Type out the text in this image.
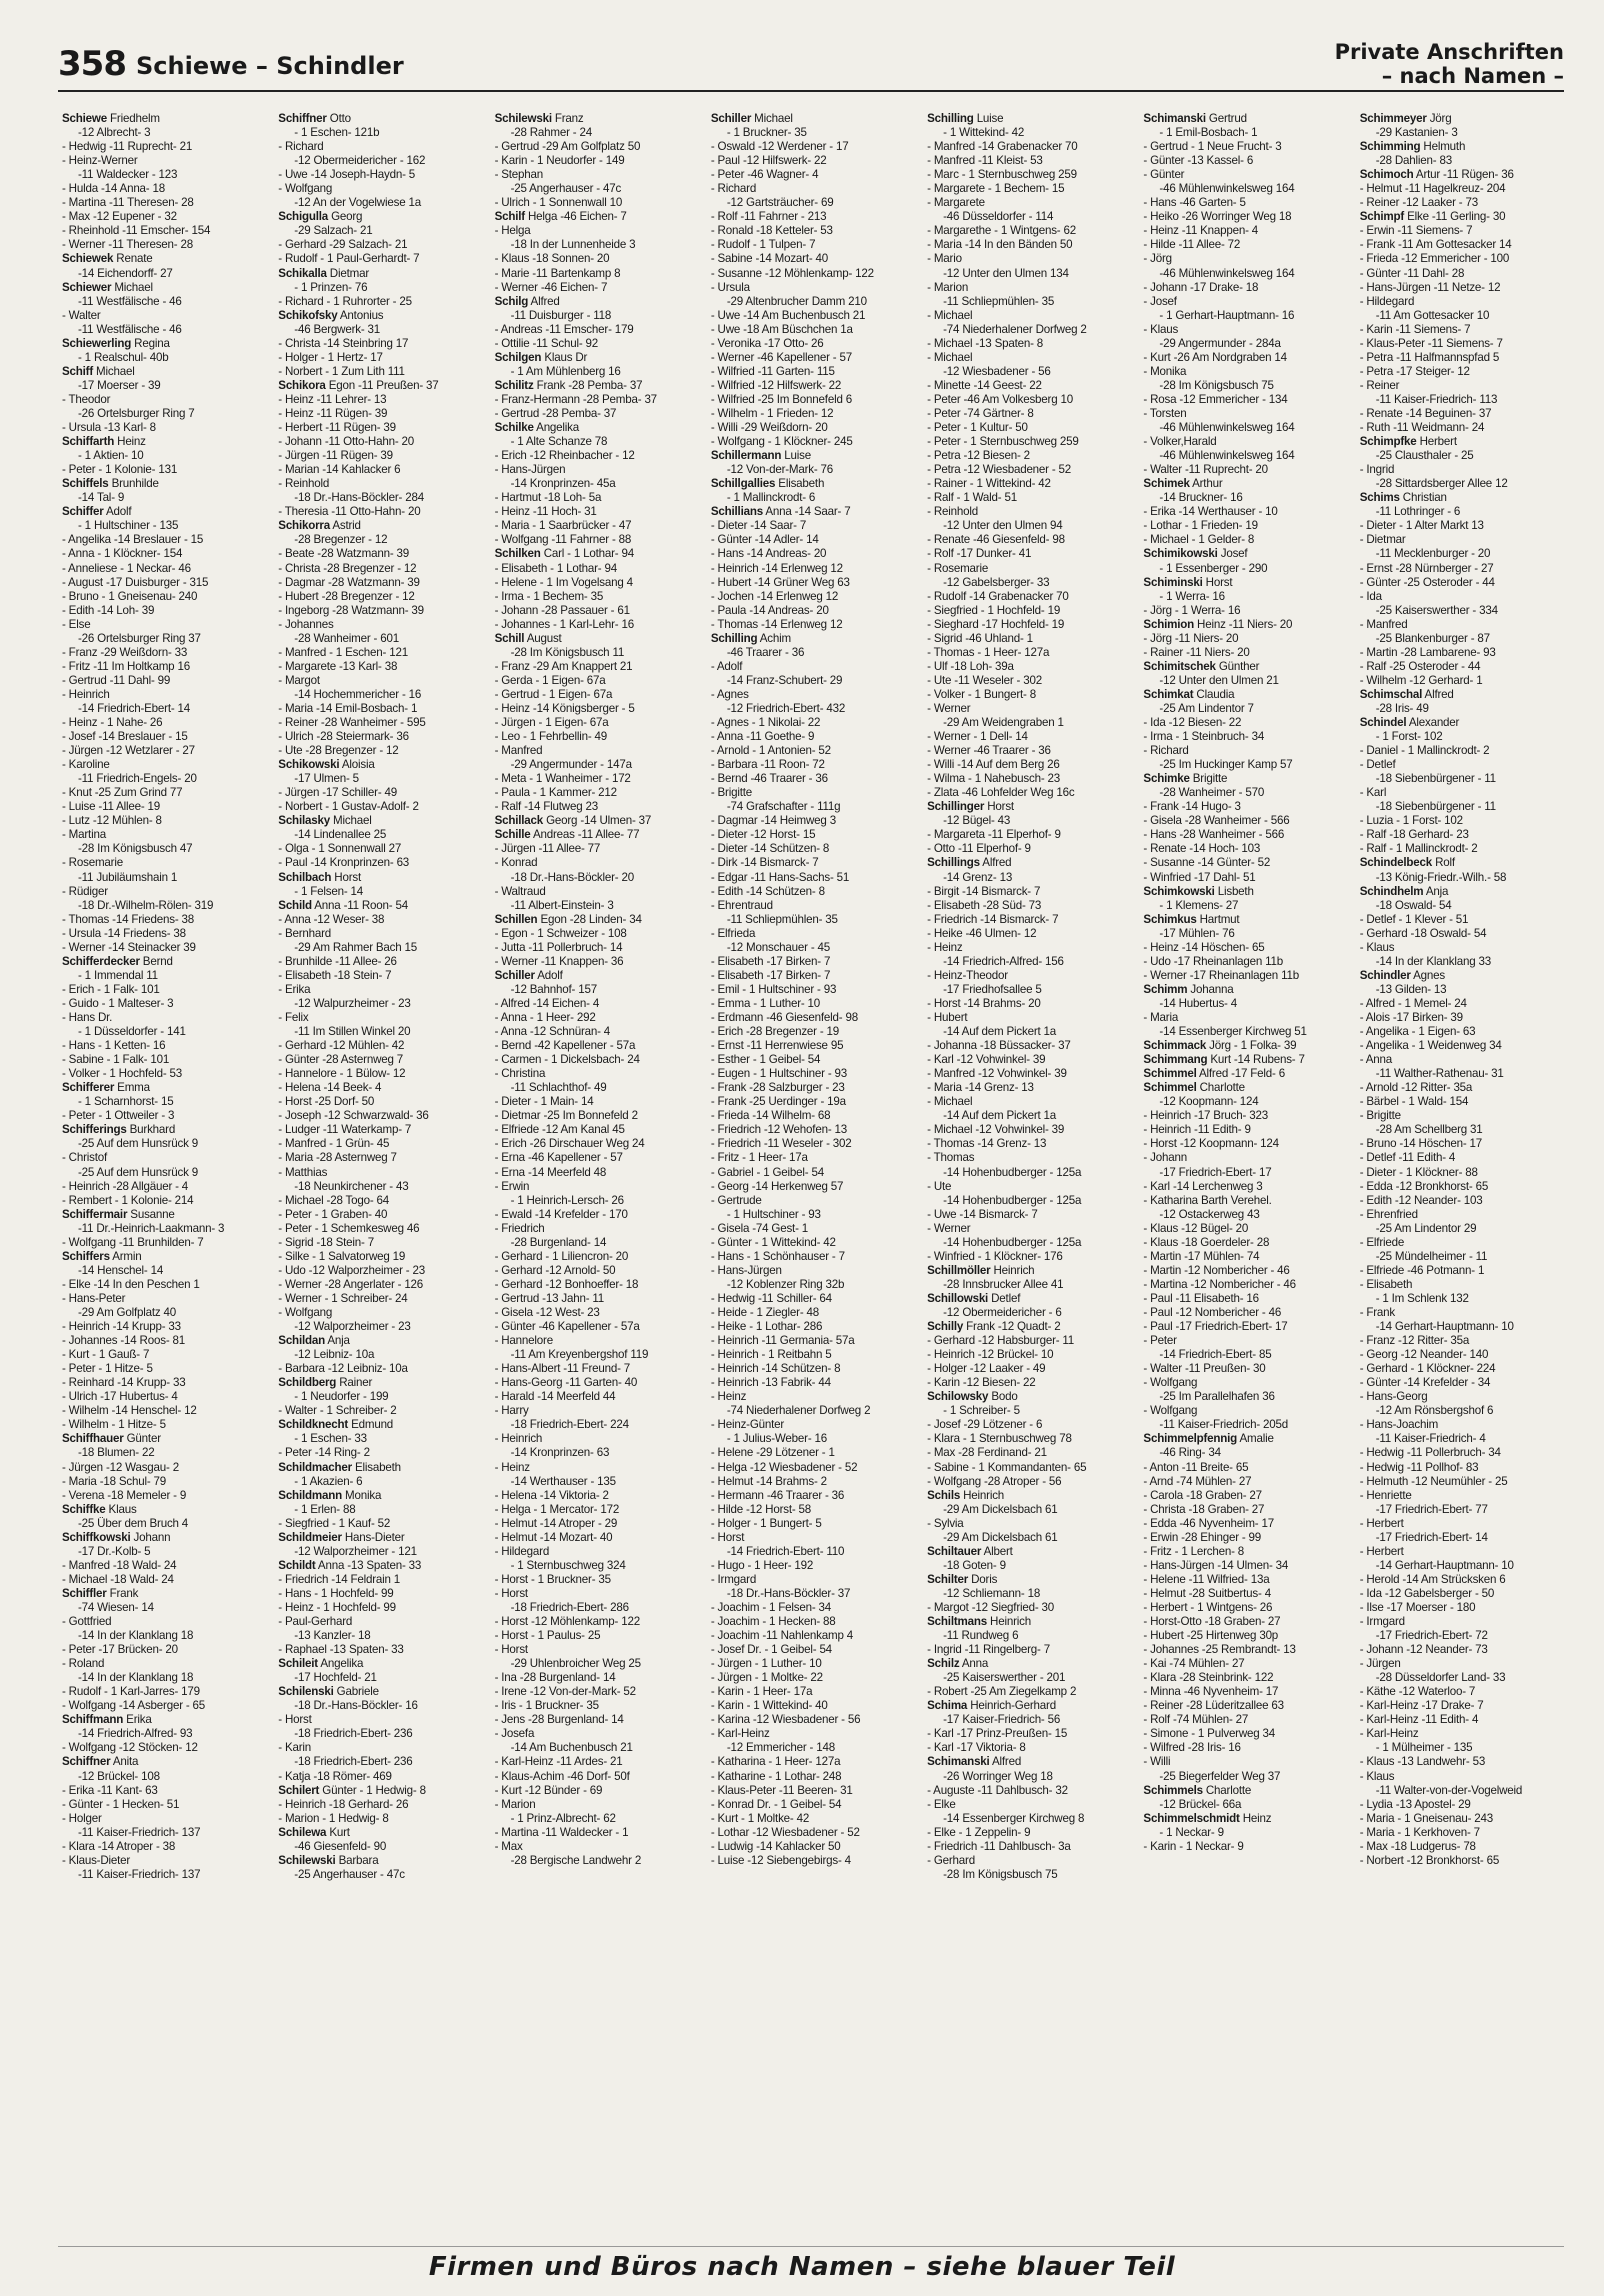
358 Schiewe – Schindler	Private Anschriften
– nach Namen –
Schiewe Friedhelm
-12 Albrecht- 3
- Hedwig -11 Ruprecht- 21
- Heinz-Werner
-11 Waldecker - 123
- Hulda -14 Anna- 18
- Martina -11 Theresen- 28
- Max -12 Eupener - 32
- Rheinhold -11 Emscher- 154
- Werner -11 Theresen- 28
Schiewek Renate
-14 Eichendorff- 27
Schiewer Michael
-11 Westfälische - 46
- Walter
-11 Westfälische - 46
Schiewerling Regina
- 1 Realschul- 40b
Schiff Michael
-17 Moerser - 39
- Theodor
-26 Ortelsburger Ring 7
- Ursula -13 Karl- 8
Schiffarth Heinz
- 1 Aktien- 10
- Peter - 1 Kolonie- 131
Schiffels Brunhilde
-14 Tal- 9
Schiffer Adolf
- 1 Hultschiner - 135
- Angelika -14 Breslauer - 15
- Anna - 1 Klöckner- 154
- Anneliese - 1 Neckar- 46
- August -17 Duisburger - 315
- Bruno - 1 Gneisenau- 240
- Edith -14 Loh- 39
- Else
-26 Ortelsburger Ring 37
- Franz -29 Weißdorn- 33
- Fritz -11 Im Holtkamp 16
- Gertrud -11 Dahl- 99
- Heinrich
-14 Friedrich-Ebert- 14
- Heinz - 1 Nahe- 26
- Josef -14 Breslauer - 15
- Jürgen -12 Wetzlarer - 27
- Karoline
-11 Friedrich-Engels- 20
- Knut -25 Zum Grind 77
- Luise -11 Allee- 19
- Lutz -12 Mühlen- 8
- Martina
-28 Im Königsbusch 47
- Rosemarie
-11 Jubiläumshain 1
- Rüdiger
-18 Dr.-Wilhelm-Rölen- 319
- Thomas -14 Friedens- 38
- Ursula -14 Friedens- 38
- Werner -14 Steinacker 39
Schifferdecker Bernd
- 1 Immendal 11
- Erich - 1 Falk- 101
- Guido - 1 Malteser- 3
- Hans Dr.
- 1 Düsseldorfer - 141
- Hans - 1 Ketten- 16
- Sabine - 1 Falk- 101
- Volker - 1 Hochfeld- 53
Schifferer Emma
- 1 Scharnhorst- 15
- Peter - 1 Ottweiler - 3
Schifferings Burkhard
-25 Auf dem Hunsrück 9
- Christof
-25 Auf dem Hunsrück 9
- Heinrich -28 Allgäuer - 4
- Rembert - 1 Kolonie- 214
Schiffermair Susanne
-11 Dr.-Heinrich-Laakmann- 3
- Wolfgang -11 Brunhilden- 7
Schiffers Armin
-14 Henschel- 14
- Elke -14 In den Peschen 1
- Hans-Peter
-29 Am Golfplatz 40
- Heinrich -14 Krupp- 33
- Johannes -14 Roos- 81
- Kurt - 1 Gauß- 7
- Peter - 1 Hitze- 5
- Reinhard -14 Krupp- 33
- Ulrich -17 Hubertus- 4
- Wilhelm -14 Henschel- 12
- Wilhelm - 1 Hitze- 5
Schiffhauer Günter
-18 Blumen- 22
- Jürgen -12 Wasgau- 2
- Maria -18 Schul- 79
- Verena -18 Memeler - 9
Schiffke Klaus
-25 Über dem Bruch 4
Schiffkowski Johann
-17 Dr.-Kolb- 5
- Manfred -18 Wald- 24
- Michael -18 Wald- 24
Schiffler Frank
-74 Wiesen- 14
- Gottfried
-14 In der Klanklang 18
- Peter -17 Brücken- 20
- Roland
-14 In der Klanklang 18
- Rudolf - 1 Karl-Jarres- 179
- Wolfgang -14 Asberger - 65
Schiffmann Erika
-14 Friedrich-Alfred- 93
- Wolfgang -12 Stöcken- 12
Schiffner Anita
-12 Brückel- 108
- Erika -11 Kant- 63
- Günter - 1 Hecken- 51
- Holger
-11 Kaiser-Friedrich- 137
- Klara -14 Atroper - 38
- Klaus-Dieter
-11 Kaiser-Friedrich- 137
Schiffner Otto
- 1 Eschen- 121b
- Richard
-12 Obermeidericher - 162
- Uwe -14 Joseph-Haydn- 5
- Wolfgang
-12 An der Vogelwiese 1a
Schigulla Georg
-29 Salzach- 21
- Gerhard -29 Salzach- 21
- Rudolf - 1 Paul-Gerhardt- 7
Schikalla Dietmar
- 1 Prinzen- 76
- Richard - 1 Ruhrorter - 25
Schikofsky Antonius
-46 Bergwerk- 31
- Christa -14 Steinbring 17
- Holger - 1 Hertz- 17
- Norbert - 1 Zum Lith 111
Schikora Egon -11 Preußen- 37
- Heinz -11 Lehrer- 13
- Heinz -11 Rügen- 39
- Herbert -11 Rügen- 39
- Johann -11 Otto-Hahn- 20
- Jürgen -11 Rügen- 39
- Marian -14 Kahlacker 6
- Reinhold
-18 Dr.-Hans-Böckler- 284
- Theresia -11 Otto-Hahn- 20
Schikorra Astrid
-28 Bregenzer - 12
- Beate -28 Watzmann- 39
- Christa -28 Bregenzer - 12
- Dagmar -28 Watzmann- 39
- Hubert -28 Bregenzer - 12
- Ingeborg -28 Watzmann- 39
- Johannes
-28 Wanheimer - 601
- Manfred - 1 Eschen- 121
- Margarete -13 Karl- 38
- Margot
-14 Hochemmericher - 16
- Maria -14 Emil-Bosbach- 1
- Reiner -28 Wanheimer - 595
- Ulrich -28 Steiermark- 36
- Ute -28 Bregenzer - 12
Schikowski Aloisia
-17 Ulmen- 5
- Jürgen -17 Schiller- 49
- Norbert - 1 Gustav-Adolf- 2
Schilasky Michael
-14 Lindenallee 25
- Olga - 1 Sonnenwall 27
- Paul -14 Kronprinzen- 63
Schilbach Horst
- 1 Felsen- 14
Schild Anna -11 Roon- 54
- Anna -12 Weser- 38
- Bernhard
-29 Am Rahmer Bach 15
- Brunhilde -11 Allee- 26
- Elisabeth -18 Stein- 7
- Erika
-12 Walpurzheimer - 23
- Felix
-11 Im Stillen Winkel 20
- Gerhard -12 Mühlen- 42
- Günter -28 Asternweg 7
- Hannelore - 1 Bülow- 12
- Helena -14 Beek- 4
- Horst -25 Dorf- 50
- Joseph -12 Schwarzwald- 36
- Ludger -11 Waterkamp- 7
- Manfred - 1 Grün- 45
- Maria -28 Asternweg 7
- Matthias
-18 Neunkirchener - 43
- Michael -28 Togo- 64
- Peter - 1 Graben- 40
- Peter - 1 Schemkesweg 46
- Sigrid -18 Stein- 7
- Silke - 1 Salvatorweg 19
- Udo -12 Walporzheimer - 23
- Werner -28 Angerlater - 126
- Werner - 1 Schreiber- 24
- Wolfgang
-12 Walporzheimer - 23
Schildan Anja
-12 Leibniz- 10a
- Barbara -12 Leibniz- 10a
Schildberg Rainer
- 1 Neudorfer - 199
- Walter - 1 Schreiber- 2
Schildknecht Edmund
- 1 Eschen- 33
- Peter -14 Ring- 2
Schildmacher Elisabeth
- 1 Akazien- 6
Schildmann Monika
- 1 Erlen- 88
- Siegfried - 1 Kauf- 52
Schildmeier Hans-Dieter
-12 Walporzheimer - 121
Schildt Anna -13 Spaten- 33
- Friedrich -14 Feldrain 1
- Hans - 1 Hochfeld- 99
- Heinz - 1 Hochfeld- 99
- Paul-Gerhard
-13 Kanzler- 18
- Raphael -13 Spaten- 33
Schileit Angelika
-17 Hochfeld- 21
Schilenski Gabriele
-18 Dr.-Hans-Böckler- 16
- Horst
-18 Friedrich-Ebert- 236
- Karin
-18 Friedrich-Ebert- 236
- Katja -18 Römer- 469
Schilert Günter - 1 Hedwig- 8
- Heinrich -18 Gerhard- 26
- Marion - 1 Hedwig- 8
Schilewa Kurt
-46 Giesenfeld- 90
Schilewski Barbara
-25 Angerhauser - 47c
Schilewski Franz
-28 Rahmer - 24
- Gertrud -29 Am Golfplatz 50
- Karin - 1 Neudorfer - 149
- Stephan
-25 Angerhauser - 47c
- Ulrich - 1 Sonnenwall 10
Schilf Helga -46 Eichen- 7
- Helga
-18 In der Lunnenheide 3
- Klaus -18 Sonnen- 20
- Marie -11 Bartenkamp 8
- Werner -46 Eichen- 7
Schilg Alfred
-11 Duisburger - 118
- Andreas -11 Emscher- 179
- Ottilie -11 Schul- 92
Schilgen Klaus Dr
- 1 Am Mühlenberg 16
Schilitz Frank -28 Pemba- 37
- Franz-Hermann -28 Pemba- 37
- Gertrud -28 Pemba- 37
Schilke Angelika
- 1 Alte Schanze 78
- Erich -12 Rheinbacher - 12
- Hans-Jürgen
-14 Kronprinzen- 45a
- Hartmut -18 Loh- 5a
- Heinz -11 Hoch- 31
- Maria - 1 Saarbrücker - 47
- Wolfgang -11 Fahrner - 88
Schilken Carl - 1 Lothar- 94
- Elisabeth - 1 Lothar- 94
- Helene - 1 Im Vogelsang 4
- Irma - 1 Bechem- 35
- Johann -28 Passauer - 61
- Johannes - 1 Karl-Lehr- 16
Schill August
-28 Im Königsbusch 11
- Franz -29 Am Knappert 21
- Gerda - 1 Eigen- 67a
- Gertrud - 1 Eigen- 67a
- Heinz -14 Königsberger - 5
- Jürgen - 1 Eigen- 67a
- Leo - 1 Fehrbellin- 49
- Manfred
-29 Angermunder - 147a
- Meta - 1 Wanheimer - 172
- Paula - 1 Kammer- 212
- Ralf -14 Flutweg 23
Schillack Georg -14 Ulmen- 37
Schille Andreas -11 Allee- 77
- Jürgen -11 Allee- 77
- Konrad
-18 Dr.-Hans-Böckler- 20
- Waltraud
-11 Albert-Einstein- 3
Schillen Egon -28 Linden- 34
- Egon - 1 Schweizer - 108
- Jutta -11 Pollerbruch- 14
- Werner -11 Knappen- 36
Schiller Adolf
-12 Bahnhof- 157
- Alfred -14 Eichen- 4
- Anna - 1 Heer- 292
- Anna -12 Schnüran- 4
- Bernd -42 Kapellener - 57a
- Carmen - 1 Dickelsbach- 24
- Christina
-11 Schlachthof- 49
- Dieter - 1 Main- 14
- Dietmar -25 Im Bonnefeld 2
- Elfriede -12 Am Kanal 45
- Erich -26 Dirschauer Weg 24
- Erna -46 Kapellener - 57
- Erna -14 Meerfeld 48
- Erwin
- 1 Heinrich-Lersch- 26
- Ewald -14 Krefelder - 170
- Friedrich
-28 Burgenland- 14
- Gerhard - 1 Liliencron- 20
- Gerhard -12 Arnold- 50
- Gerhard -12 Bonhoeffer- 18
- Gertrud -13 Jahn- 11
- Gisela -12 West- 23
- Günter -46 Kapellener - 57a
- Hannelore
-11 Am Kreyenbergshof 119
- Hans-Albert -11 Freund- 7
- Hans-Georg -11 Garten- 40
- Harald -14 Meerfeld 44
- Harry
-18 Friedrich-Ebert- 224
- Heinrich
-14 Kronprinzen- 63
- Heinz
-14 Werthauser - 135
- Helena -14 Viktoria- 2
- Helga - 1 Mercator- 172
- Helmut -14 Atroper - 29
- Helmut -14 Mozart- 40
- Hildegard
- 1 Sternbuschweg 324
- Horst - 1 Bruckner- 35
- Horst
-18 Friedrich-Ebert- 286
- Horst -12 Möhlenkamp- 122
- Horst - 1 Paulus- 25
- Horst
-29 Uhlenbroicher Weg 25
- Ina -28 Burgenland- 14
- Irene -12 Von-der-Mark- 52
- Iris - 1 Bruckner- 35
- Jens -28 Burgenland- 14
- Josefa
-14 Am Buchenbusch 21
- Karl-Heinz -11 Ardes- 21
- Klaus-Achim -46 Dorf- 50f
- Kurt -12 Bünder - 69
- Marion
- 1 Prinz-Albrecht- 62
- Martina -11 Waldecker - 1
- Max
-28 Bergische Landwehr 2
Schiller Michael
- 1 Bruckner- 35
- Oswald -12 Werdener - 17
- Paul -12 Hilfswerk- 22
- Peter -46 Wagner- 4
- Richard
-12 Gartsträucher- 69
- Rolf -11 Fahrner - 213
- Ronald -18 Ketteler- 53
- Rudolf - 1 Tulpen- 7
- Sabine -14 Mozart- 40
- Susanne -12 Möhlenkamp- 122
- Ursula
-29 Altenbrucher Damm 210
- Uwe -14 Am Buchenbusch 21
- Uwe -18 Am Büschchen 1a
- Veronika -17 Otto- 26
- Werner -46 Kapellener - 57
- Wilfried -11 Garten- 115
- Wilfried -12 Hilfswerk- 22
- Wilfried -25 Im Bonnefeld 6
- Wilhelm - 1 Frieden- 12
- Willi -29 Weißdorn- 20
- Wolfgang - 1 Klöckner- 245
Schillermann Luise
-12 Von-der-Mark- 76
Schillgallies Elisabeth
- 1 Mallinckrodt- 6
Schillians Anna -14 Saar- 7
- Dieter -14 Saar- 7
- Günter -14 Adler- 14
- Hans -14 Andreas- 20
- Heinrich -14 Erlenweg 12
- Hubert -14 Grüner Weg 63
- Jochen -14 Erlenweg 12
- Paula -14 Andreas- 20
- Thomas -14 Erlenweg 12
Schilling Achim
-46 Traarer - 36
- Adolf
-14 Franz-Schubert- 29
- Agnes
-12 Friedrich-Ebert- 432
- Agnes - 1 Nikolai- 22
- Anna -11 Goethe- 9
- Arnold - 1 Antonien- 52
- Barbara -11 Roon- 72
- Bernd -46 Traarer - 36
- Brigitte
-74 Grafschafter - 111g
- Dagmar -14 Heimweg 3
- Dieter -12 Horst- 15
- Dieter -14 Schützen- 8
- Dirk -14 Bismarck- 7
- Edgar -11 Hans-Sachs- 51
- Edith -14 Schützen- 8
- Ehrentraud
-11 Schliepmühlen- 35
- Elfrieda
-12 Monschauer - 45
- Elisabeth -17 Birken- 7
- Elisabeth -17 Birken- 7
- Emil - 1 Hultschiner - 93
- Emma - 1 Luther- 10
- Erdmann -46 Giesenfeld- 98
- Erich -28 Bregenzer - 19
- Ernst -11 Herrenwiese 95
- Esther - 1 Geibel- 54
- Eugen - 1 Hultschiner - 93
- Frank -28 Salzburger - 23
- Frank -25 Uerdinger - 19a
- Frieda -14 Wilhelm- 68
- Friedrich -12 Wehofen- 13
- Friedrich -11 Weseler - 302
- Fritz - 1 Heer- 17a
- Gabriel - 1 Geibel- 54
- Georg -14 Herkenweg 57
- Gertrude
- 1 Hultschiner - 93
- Gisela -74 Gest- 1
- Günter - 1 Wittekind- 42
- Hans - 1 Schönhauser - 7
- Hans-Jürgen
-12 Koblenzer Ring 32b
- Hedwig -11 Schiller- 64
- Heide - 1 Ziegler- 48
- Heike - 1 Lothar- 286
- Heinrich -11 Germania- 57a
- Heinrich - 1 Reitbahn 5
- Heinrich -14 Schützen- 8
- Heinrich -13 Fabrik- 44
- Heinz
-74 Niederhalener Dorfweg 2
- Heinz-Günter
- 1 Julius-Weber- 16
- Helene -29 Lötzener - 1
- Helga -12 Wiesbadener - 52
- Helmut -14 Brahms- 2
- Hermann -46 Traarer - 36
- Hilde -12 Horst- 58
- Holger - 1 Bungert- 5
- Horst
-14 Friedrich-Ebert- 110
- Hugo - 1 Heer- 192
- Irmgard
-18 Dr.-Hans-Böckler- 37
- Joachim - 1 Felsen- 34
- Joachim - 1 Hecken- 88
- Joachim -11 Nahlenkamp 4
- Josef Dr. - 1 Geibel- 54
- Jürgen - 1 Luther- 10
- Jürgen - 1 Moltke- 22
- Karin - 1 Heer- 17a
- Karin - 1 Wittekind- 40
- Karina -12 Wiesbadener - 56
- Karl-Heinz
-12 Emmericher - 148
- Katharina - 1 Heer- 127a
- Katharine - 1 Lothar- 248
- Klaus-Peter -11 Beeren- 31
- Konrad Dr. - 1 Geibel- 54
- Kurt - 1 Moltke- 42
- Lothar -12 Wiesbadener - 52
- Ludwig -14 Kahlacker 50
- Luise -12 Siebengebirgs- 4
Schilling Luise
- 1 Wittekind- 42
- Manfred -14 Grabenacker 70
- Manfred -11 Kleist- 53
- Marc - 1 Sternbuschweg 259
- Margarete - 1 Bechem- 15
- Margarete
-46 Düsseldorfer - 114
- Margarethe - 1 Wintgens- 62
- Maria -14 In den Bänden 50
- Mario
-12 Unter den Ulmen 134
- Marion
-11 Schliepmühlen- 35
- Michael
-74 Niederhalener Dorfweg 2
- Michael -13 Spaten- 8
- Michael
-12 Wiesbadener - 56
- Minette -14 Geest- 22
- Peter -46 Am Volkesberg 10
- Peter -74 Gärtner- 8
- Peter - 1 Kultur- 50
- Peter - 1 Sternbuschweg 259
- Petra -12 Biesen- 2
- Petra -12 Wiesbadener - 52
- Rainer - 1 Wittekind- 42
- Ralf - 1 Wald- 51
- Reinhold
-12 Unter den Ulmen 94
- Renate -46 Giesenfeld- 98
- Rolf -17 Dunker- 41
- Rosemarie
-12 Gabelsberger- 33
- Rudolf -14 Grabenacker 70
- Siegfried - 1 Hochfeld- 19
- Sieghard -17 Hochfeld- 19
- Sigrid -46 Uhland- 1
- Thomas - 1 Heer- 127a
- Ulf -18 Loh- 39a
- Ute -11 Weseler - 302
- Volker - 1 Bungert- 8
- Werner
-29 Am Weidengraben 1
- Werner - 1 Dell- 14
- Werner -46 Traarer - 36
- Willi -14 Auf dem Berg 26
- Wilma - 1 Nahebusch- 23
- Zlata -46 Lohfelder Weg 16c
Schillinger Horst
-12 Bügel- 43
- Margareta -11 Elperhof- 9
- Otto -11 Elperhof- 9
Schillings Alfred
-14 Grenz- 13
- Birgit -14 Bismarck- 7
- Elisabeth -28 Süd- 73
- Friedrich -14 Bismarck- 7
- Heike -46 Ulmen- 12
- Heinz
-14 Friedrich-Alfred- 156
- Heinz-Theodor
-17 Friedhofsallee 5
- Horst -14 Brahms- 20
- Hubert
-14 Auf dem Pickert 1a
- Johanna -18 Büssacker- 37
- Karl -12 Vohwinkel- 39
- Manfred -12 Vohwinkel- 39
- Maria -14 Grenz- 13
- Michael
-14 Auf dem Pickert 1a
- Michael -12 Vohwinkel- 39
- Thomas -14 Grenz- 13
- Thomas
-14 Hohenbudberger - 125a
- Ute
-14 Hohenbudberger - 125a
- Uwe -14 Bismarck- 7
- Werner
-14 Hohenbudberger - 125a
- Winfried - 1 Klöckner- 176
Schillmöller Heinrich
-28 Innsbrucker Allee 41
Schillowski Detlef
-12 Obermeidericher - 6
Schilly Frank -12 Quadt- 2
- Gerhard -12 Habsburger- 11
- Heinrich -12 Brückel- 10
- Holger -12 Laaker - 49
- Karin -12 Biesen- 22
Schilowsky Bodo
- 1 Schreiber- 5
- Josef -29 Lötzener - 6
- Klara - 1 Sternbuschweg 78
- Max -28 Ferdinand- 21
- Sabine - 1 Kommandanten- 65
- Wolfgang -28 Atroper - 56
Schils Heinrich
-29 Am Dickelsbach 61
- Sylvia
-29 Am Dickelsbach 61
Schiltauer Albert
-18 Goten- 9
Schilter Doris
-12 Schliemann- 18
- Margot -12 Siegfried- 30
Schiltmans Heinrich
-11 Rundweg 6
- Ingrid -11 Ringelberg- 7
Schilz Anna
-25 Kaiserswerther - 201
- Robert -25 Am Ziegelkamp 2
Schima Heinrich-Gerhard
-17 Kaiser-Friedrich- 56
- Karl -17 Prinz-Preußen- 15
- Karl -17 Viktoria- 8
Schimanski Alfred
-26 Worringer Weg 18
- Auguste -11 Dahlbusch- 32
- Elke
-14 Essenberger Kirchweg 8
- Elke - 1 Zeppelin- 9
- Friedrich -11 Dahlbusch- 3a
- Gerhard
-28 Im Königsbusch 75
Schimanski Gertrud
- 1 Emil-Bosbach- 1
- Gertrud - 1 Neue Frucht- 3
- Günter -13 Kassel- 6
- Günter
-46 Mühlenwinkelsweg 164
- Hans -46 Garten- 5
- Heiko -26 Worringer Weg 18
- Heinz -11 Knappen- 4
- Hilde -11 Allee- 72
- Jörg
-46 Mühlenwinkelsweg 164
- Johann -17 Drake- 18
- Josef
- 1 Gerhart-Hauptmann- 16
- Klaus
-29 Angermunder - 284a
- Kurt -26 Am Nordgraben 14
- Monika
-28 Im Königsbusch 75
- Rosa -12 Emmericher - 134
- Torsten
-46 Mühlenwinkelsweg 164
- Volker,Harald
-46 Mühlenwinkelsweg 164
- Walter -11 Ruprecht- 20
Schimek Arthur
-14 Bruckner- 16
- Erika -14 Werthauser - 10
- Lothar - 1 Frieden- 19
- Michael - 1 Gelder- 8
Schimikowski Josef
- 1 Essenberger - 290
Schiminski Horst
- 1 Werra- 16
- Jörg - 1 Werra- 16
Schimion Heinz -11 Niers- 20
- Jörg -11 Niers- 20
- Rainer -11 Niers- 20
Schimitschek Günther
-12 Unter den Ulmen 21
Schimkat Claudia
-25 Am Lindentor 7
- Ida -12 Biesen- 22
- Irma - 1 Steinbruch- 34
- Richard
-25 Im Huckinger Kamp 57
Schimke Brigitte
-28 Wanheimer - 570
- Frank -14 Hugo- 3
- Gisela -28 Wanheimer - 566
- Hans -28 Wanheimer - 566
- Renate -14 Hoch- 103
- Susanne -14 Günter- 52
- Winfried -17 Dahl- 51
Schimkowski Lisbeth
- 1 Klemens- 27
Schimkus Hartmut
-17 Mühlen- 76
- Heinz -14 Höschen- 65
- Udo -17 Rheinanlagen 11b
- Werner -17 Rheinanlagen 11b
Schimm Johanna
-14 Hubertus- 4
- Maria
-14 Essenberger Kirchweg 51
Schimmack Jörg - 1 Folka- 39
Schimmang Kurt -14 Rubens- 7
Schimmel Alfred -17 Feld- 6
Schimmel Charlotte
-12 Koopmann- 124
- Heinrich -17 Bruch- 323
- Heinrich -11 Edith- 9
- Horst -12 Koopmann- 124
- Johann
-17 Friedrich-Ebert- 17
- Karl -14 Lerchenweg 3
- Katharina Barth Verehel.
-12 Ostackerweg 43
- Klaus -12 Bügel- 20
- Klaus -18 Goerdeler- 28
- Martin -17 Mühlen- 74
- Martin -12 Nombericher - 46
- Martina -12 Nombericher - 46
- Paul -11 Elisabeth- 16
- Paul -12 Nombericher - 46
- Paul -17 Friedrich-Ebert- 17
- Peter
-14 Friedrich-Ebert- 85
- Walter -11 Preußen- 30
- Wolfgang
-25 Im Parallelhafen 36
- Wolfgang
-11 Kaiser-Friedrich- 205d
Schimmelpfennig Amalie
-46 Ring- 34
- Anton -11 Breite- 65
- Arnd -74 Mühlen- 27
- Carola -18 Graben- 27
- Christa -18 Graben- 27
- Edda -46 Nyvenheim- 17
- Erwin -28 Ehinger - 99
- Fritz - 1 Lerchen- 8
- Hans-Jürgen -14 Ulmen- 34
- Helene -11 Wilfried- 13a
- Helmut -28 Suitbertus- 4
- Herbert - 1 Wintgens- 26
- Horst-Otto -18 Graben- 27
- Hubert -25 Hirtenweg 30p
- Johannes -25 Rembrandt- 13
- Kai -74 Mühlen- 27
- Klara -28 Steinbrink- 122
- Minna -46 Nyvenheim- 17
- Reiner -28 Lüderitzallee 63
- Rolf -74 Mühlen- 27
- Simone - 1 Pulverweg 34
- Wilfred -28 Iris- 16
- Willi
-25 Biegerfelder Weg 37
Schimmels Charlotte
-12 Brückel- 66a
Schimmelschmidt Heinz
- 1 Neckar- 9
- Karin - 1 Neckar- 9
Schimmeyer Jörg
-29 Kastanien- 3
Schimming Helmuth
-28 Dahlien- 83
Schimoch Artur -11 Rügen- 36
- Helmut -11 Hagelkreuz- 204
- Reiner -12 Laaker - 73
Schimpf Elke -11 Gerling- 30
- Erwin -11 Siemens- 7
- Frank -11 Am Gottesacker 14
- Frieda -12 Emmericher - 100
- Günter -11 Dahl- 28
- Hans-Jürgen -11 Netze- 12
- Hildegard
-11 Am Gottesacker 10
- Karin -11 Siemens- 7
- Klaus-Peter -11 Siemens- 7
- Petra -11 Halfmannspfad 5
- Petra -17 Steiger- 12
- Reiner
-11 Kaiser-Friedrich- 113
- Renate -14 Beguinen- 37
- Ruth -11 Weidmann- 24
Schimpfke Herbert
-25 Clausthaler - 25
- Ingrid
-28 Sittardsberger Allee 12
Schims Christian
-11 Lothringer - 6
- Dieter - 1 Alter Markt 13
- Dietmar
-11 Mecklenburger - 20
- Ernst -28 Nürnberger - 27
- Günter -25 Osteroder - 44
- Ida
-25 Kaiserswerther - 334
- Manfred
-25 Blankenburger - 87
- Martin -28 Lambarene- 93
- Ralf -25 Osteroder - 44
- Wilhelm -12 Gerhard- 1
Schimschal Alfred
-28 Iris- 49
Schindel Alexander
- 1 Forst- 102
- Daniel - 1 Mallinckrodt- 2
- Detlef
-18 Siebenbürgener - 11
- Karl
-18 Siebenbürgener - 11
- Luzia - 1 Forst- 102
- Ralf -18 Gerhard- 23
- Ralf - 1 Mallinckrodt- 2
Schindelbeck Rolf
-13 König-Friedr.-Wilh.- 58
Schindhelm Anja
-18 Oswald- 54
- Detlef - 1 Klever - 51
- Gerhard -18 Oswald- 54
- Klaus
-14 In der Klanklang 33
Schindler Agnes
-13 Gilden- 13
- Alfred - 1 Memel- 24
- Alois -17 Birken- 39
- Angelika - 1 Eigen- 63
- Angelika - 1 Weidenweg 34
- Anna
-11 Walther-Rathenau- 31
- Arnold -12 Ritter- 35a
- Bärbel - 1 Wald- 154
- Brigitte
-28 Am Schellberg 31
- Bruno -14 Höschen- 17
- Detlef -11 Edith- 4
- Dieter - 1 Klöckner- 88
- Edda -12 Bronkhorst- 65
- Edith -12 Neander- 103
- Ehrenfried
-25 Am Lindentor 29
- Elfriede
-25 Mündelheimer - 11
- Elfriede -46 Potmann- 1
- Elisabeth
- 1 Im Schlenk 132
- Frank
-14 Gerhart-Hauptmann- 10
- Franz -12 Ritter- 35a
- Georg -12 Neander- 140
- Gerhard - 1 Klöckner- 224
- Günter -14 Krefelder - 34
- Hans-Georg
-12 Am Rönsbergshof 6
- Hans-Joachim
-11 Kaiser-Friedrich- 4
- Hedwig -11 Pollerbruch- 34
- Hedwig -11 Pollhof- 83
- Helmuth -12 Neumühler - 25
- Henriette
-17 Friedrich-Ebert- 77
- Herbert
-17 Friedrich-Ebert- 14
- Herbert
-14 Gerhart-Hauptmann- 10
- Herold -14 Am Strücksken 6
- Ida -12 Gabelsberger - 50
- Ilse -17 Moerser - 180
- Irmgard
-17 Friedrich-Ebert- 72
- Johann -12 Neander- 73
- Jürgen
-28 Düsseldorfer Land- 33
- Käthe -12 Waterloo- 7
- Karl-Heinz -17 Drake- 7
- Karl-Heinz -11 Edith- 4
- Karl-Heinz
- 1 Mülheimer - 135
- Klaus -13 Landwehr- 53
- Klaus
-11 Walter-von-der-Vogelweid
- Lydia -13 Apostel- 29
- Maria - 1 Gneisenau- 243
- Maria - 1 Kerkhoven- 7
- Max -18 Ludgerus- 78
- Norbert -12 Bronkhorst- 65
Firmen und Büros nach Namen – siehe blauer Teil
